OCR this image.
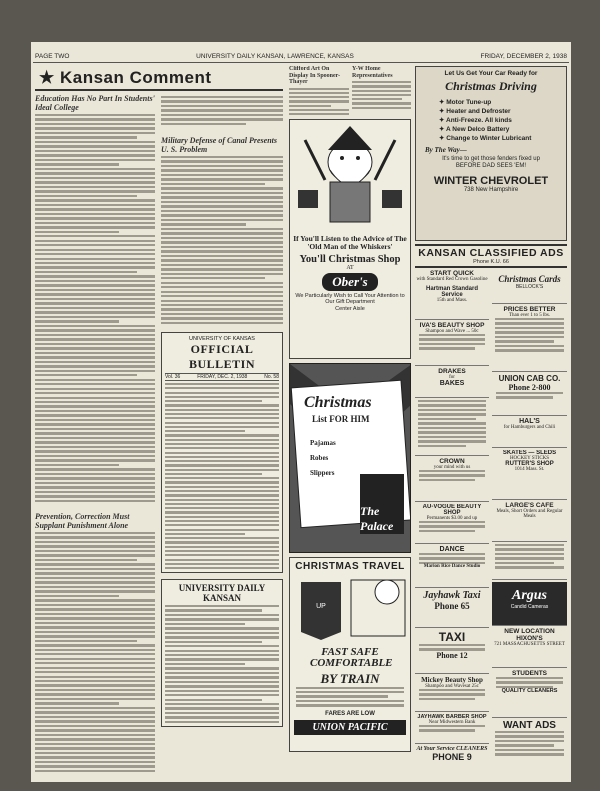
PAGE TWO	UNIVERSITY DAILY KANSAN, LAWRENCE, KANSAS	FRIDAY, DECEMBER 2, 1938
★ Kansan Comment
Education Has No Part In Students' Ideal College
Prevention, Correction Must Supplant Punishment Alone
Military Defense of Canal Presents U. S. Problem
UNIVERSITY OF KANSAS
OFFICIAL BULLETIN
Vol. 36	FRIDAY, DEC. 2, 1938	No. 58
UNIVERSITY DAILY KANSAN
Clifford Art On Display In Spooner-Thayer
Y-W Home Representatives
If You'll Listen to the Advice of The 'Old Man of the Whiskers'
You'll Christmas Shop
AT
Ober's
We Particularly Wish to Call Your Attention to Our Gift Department
Center Aisle
Christmas
List FOR HIM
Pajamas
Robes
Slippers
The Palace
CHRISTMAS TRAVEL
UP
FAST SAFE COMFORTABLE
BY TRAIN
FARES ARE LOW
UNION PACIFIC
Let Us Get Your Car Ready for
Christmas Driving
✦ Motor Tune-up
✦ Heater and Defroster
✦ Anti-Freeze. All kinds
✦ A New Delco Battery
✦ Change to Winter Lubricant
By The Way—
It's time to get those fenders fixed up BEFORE DAD SEES 'EM!
WINTER CHEVROLET
738 New Hampshire
KANSAN CLASSIFIED ADS
Phone K.U. 66
START QUICK
with Standard Red Crown Gasoline
Hartman Standard Service
15th and Mass.
IVA'S BEAUTY SHOP
Shampoo and Wave ... 50c
DRAKES
for
BAKES
CROWN
your mind with us
AU-VOGUE BEAUTY SHOP
Permanents $3.00 and up
DANCE
Marion Rice Dance Studio
Jayhawk Taxi
Phone 65
TAXI
Phone 12
Mickey Beauty Shop
Shampoo and Wavesat 25c
JAYHAWK BARBER SHOP
Near Midwestern Bank
At Your Service CLEANERS
PHONE 9
Christmas Cards
BELLOCK'S
PRICES BETTER
Than ever 1 to 5 lbs.
UNION CAB CO.
Phone 2-800
HAL'S
for Hamburgers and Chili
SKATES — SLEDS
HOCKEY STICKS
RUTTER'S SHOP
1014 Mass. St.
LARGE'S CAFE
Meals, Short Orders and Regular Meals
Argus
Candid Cameras
NEW LOCATION HIXON'S
721 MASSACHUSETTS STREET
STUDENTS
QUALITY CLEANERS
WANT ADS
